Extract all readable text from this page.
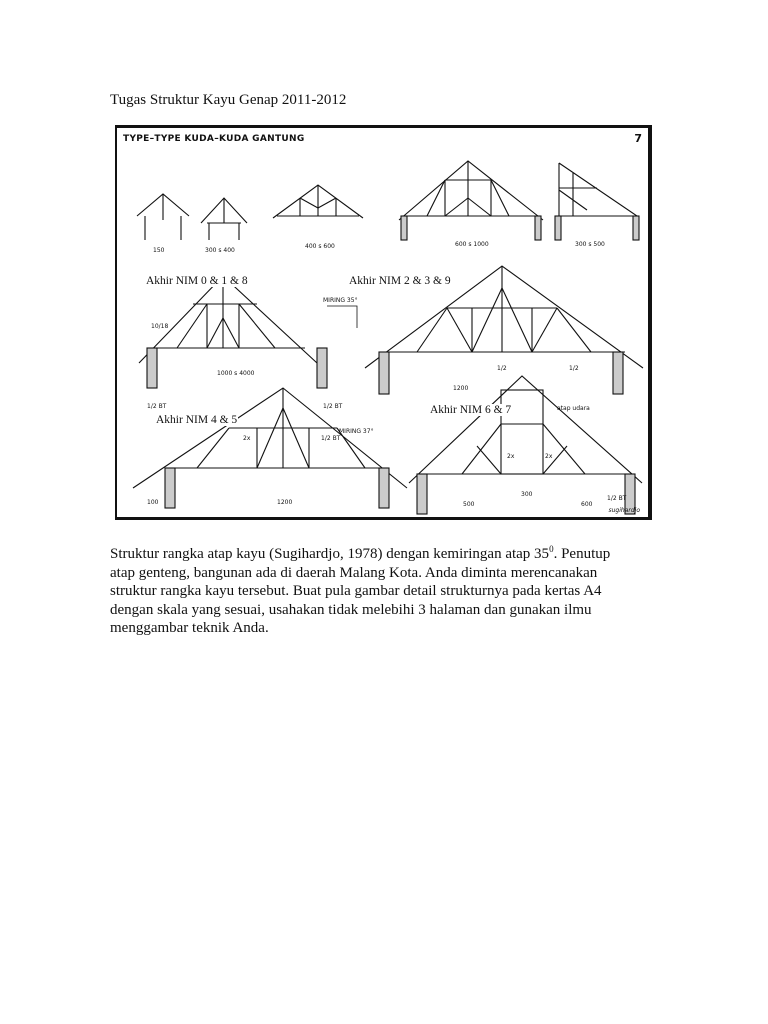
Tugas Struktur Kayu Genap 2011-2012
150	300 s 400
400 s 600	600 s 1000	300 s 500
1000 s 4000
1200
1/2	1/2
1200	500
300
600
100
MIRING 35°
MIRING 37°
1/2 BT	1/2 BT
1/2 BT
1/2 BT
2x
2x	2x
10/18
atap udara
TYPE–TYPE KUDA–KUDA GANTUNG	7
sugihardjo
Akhir NIM 0 & 1 & 8	Akhir NIM 2 & 3 & 9
Akhir NIM 4 & 5
Akhir NIM 6 & 7
Struktur rangka atap kayu (Sugihardjo, 1978) dengan kemiringan atap $35^0$. Penutup atap genteng, bangunan ada di daerah Malang Kota. Anda diminta merencanakan struktur rangka kayu tersebut. Buat pula gambar detail strukturnya pada kertas A4 dengan skala yang sesuai, usahakan tidak melebihi 3 halaman dan gunakan ilmu menggambar teknik Anda.
